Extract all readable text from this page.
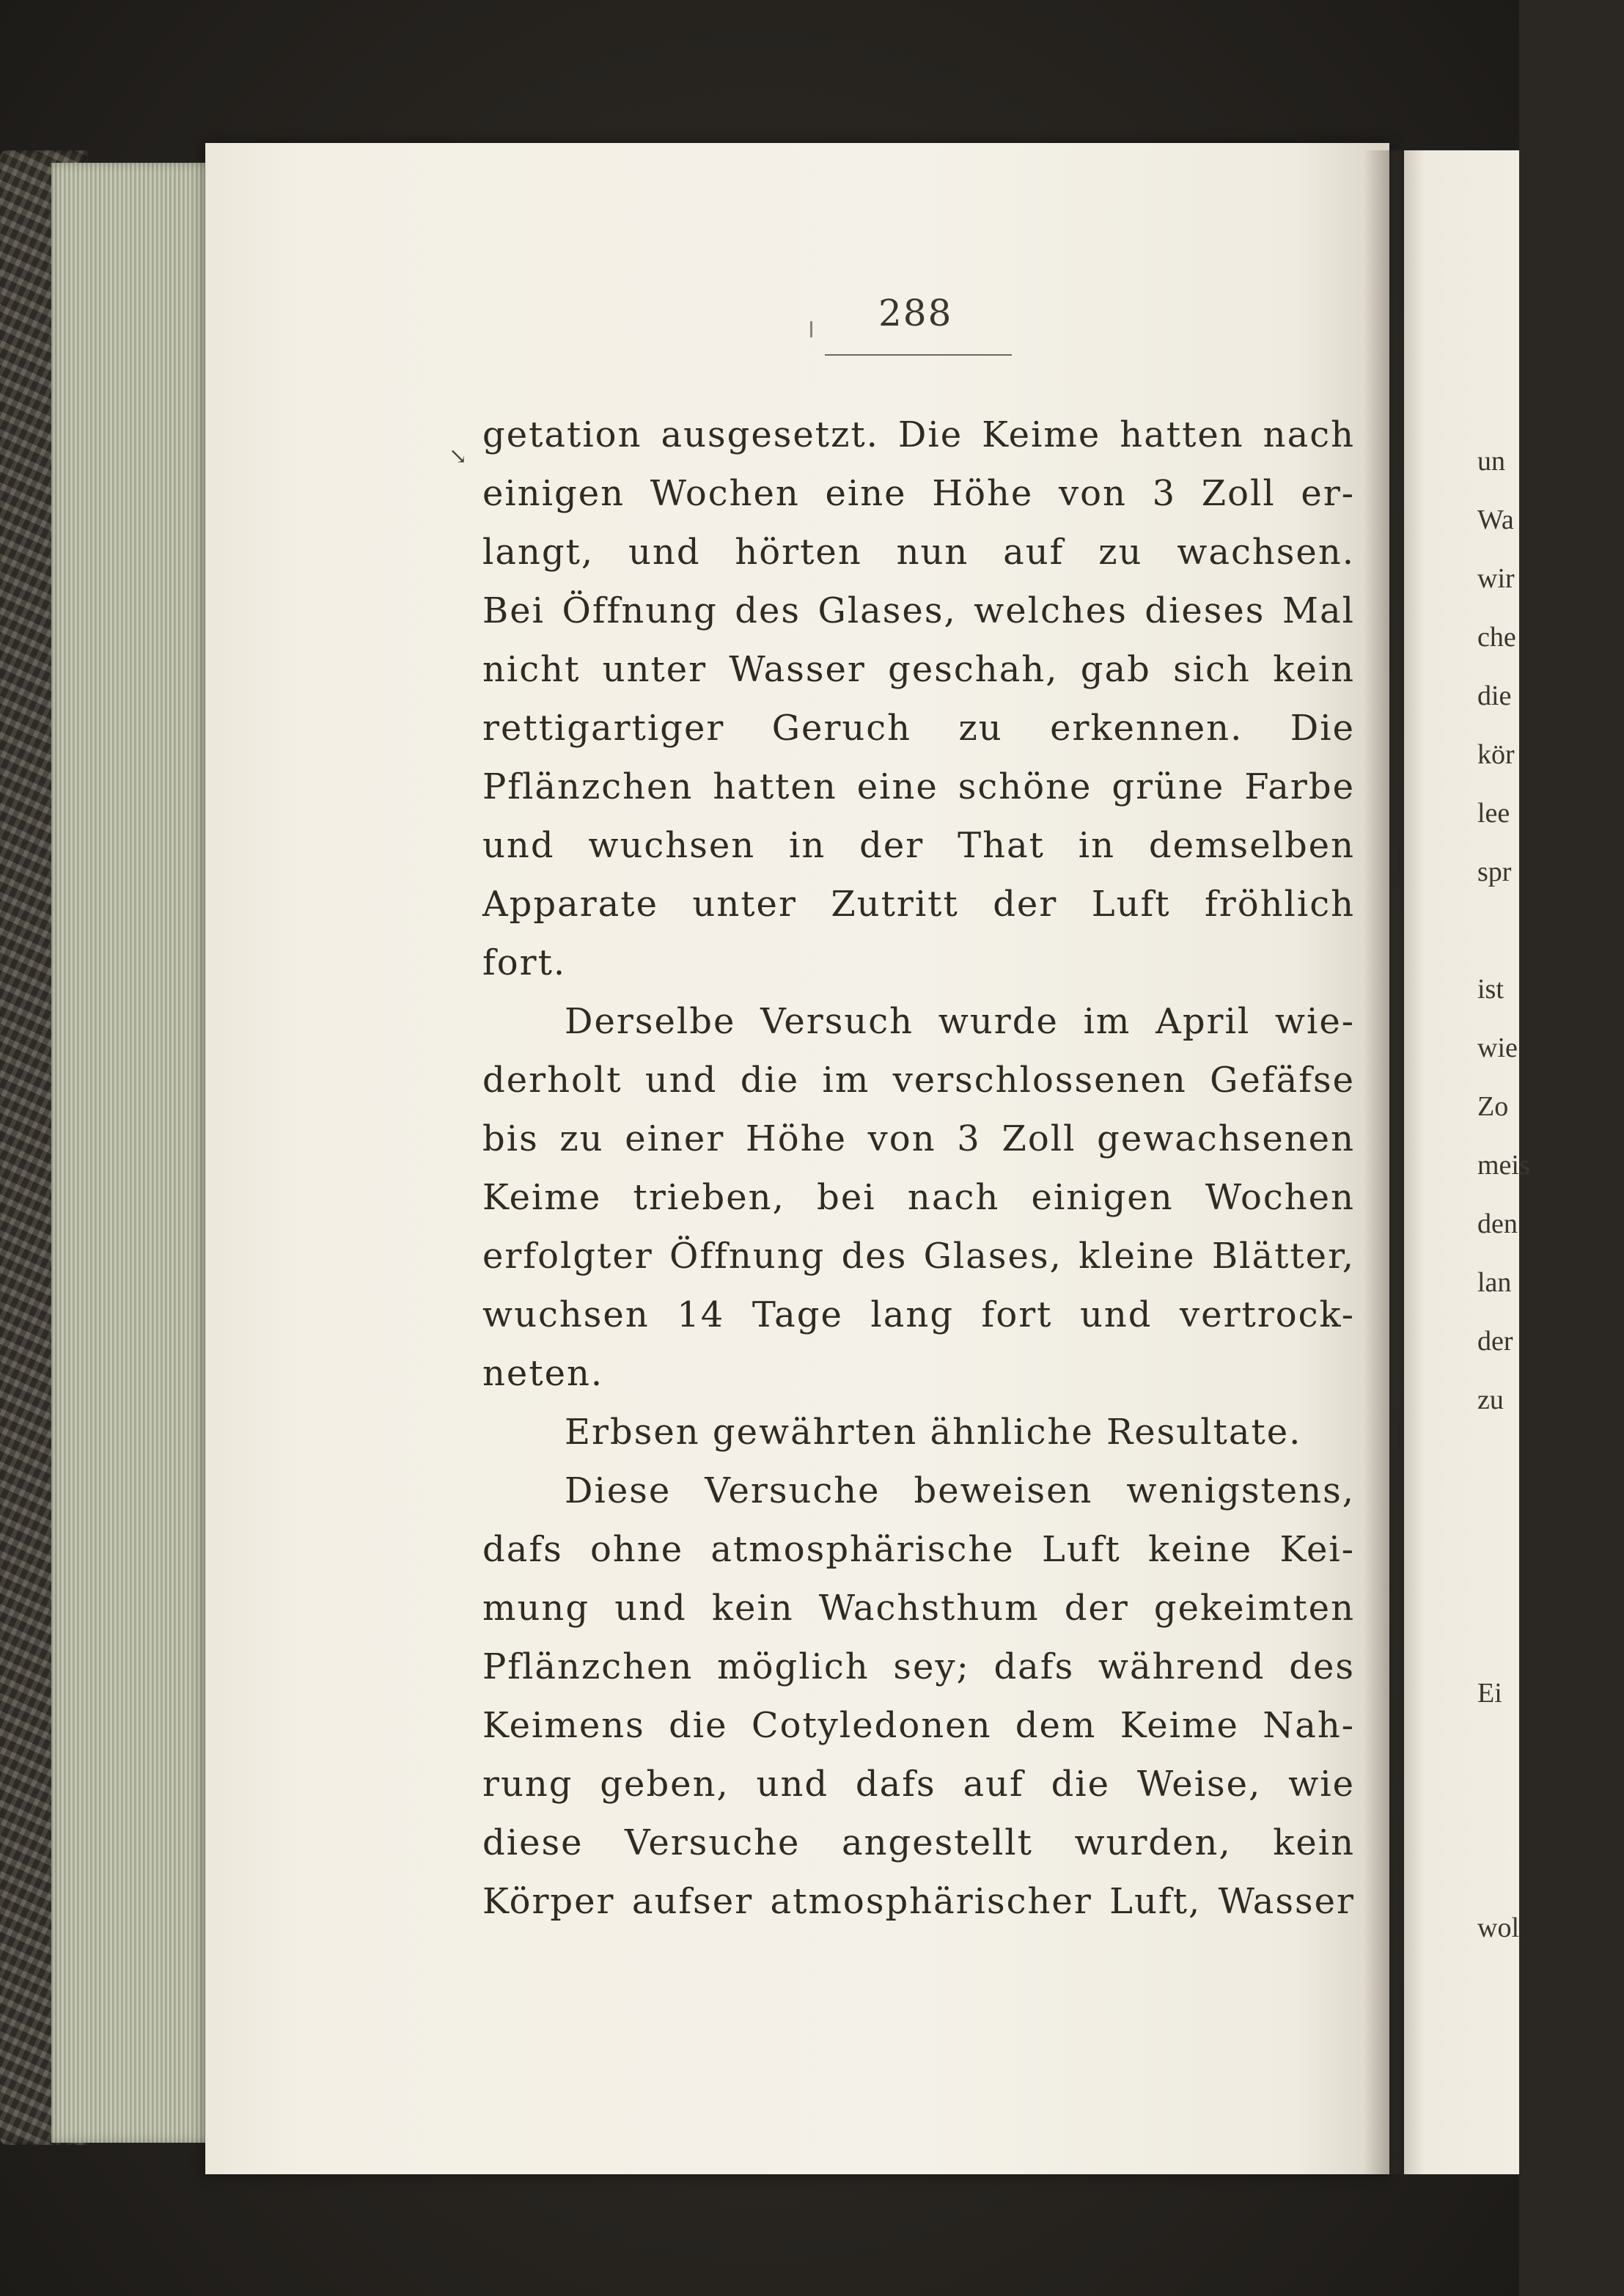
288
↘
getation ausgesetzt. Die Keime hatten nach
einigen Wochen eine Höhe von 3 Zoll er-
langt, und hörten nun auf zu wachsen.
Bei Öffnung des Glases, welches dieses Mal
nicht unter Wasser geschah, gab sich kein
rettigartiger Geruch zu erkennen. Die
Pflänzchen hatten eine schöne grüne Farbe
und wuchsen in der That in demselben
Apparate unter Zutritt der Luft fröhlich
fort.
Derselbe Versuch wurde im April wie-
derholt und die im verschlossenen Gefäfse
bis zu einer Höhe von 3 Zoll gewachsenen
Keime trieben, bei nach einigen Wochen
erfolgter Öffnung des Glases, kleine Blätter,
wuchsen 14 Tage lang fort und vertrock-
neten.
Erbsen gewährten ähnliche Resultate.
Diese Versuche beweisen wenigstens,
dafs ohne atmosphärische Luft keine Kei-
mung und kein Wachsthum der gekeimten
Pflänzchen möglich sey; dafs während des
Keimens die Cotyledonen dem Keime Nah-
rung geben, und dafs auf die Weise, wie
diese Versuche angestellt wurden, kein
Körper aufser atmosphärischer Luft, Wasser
un
Wa
wir
che
die
kör
lee
spr
ist
wie
Zo
meis
den
lan
der
zu
Ei
wol
